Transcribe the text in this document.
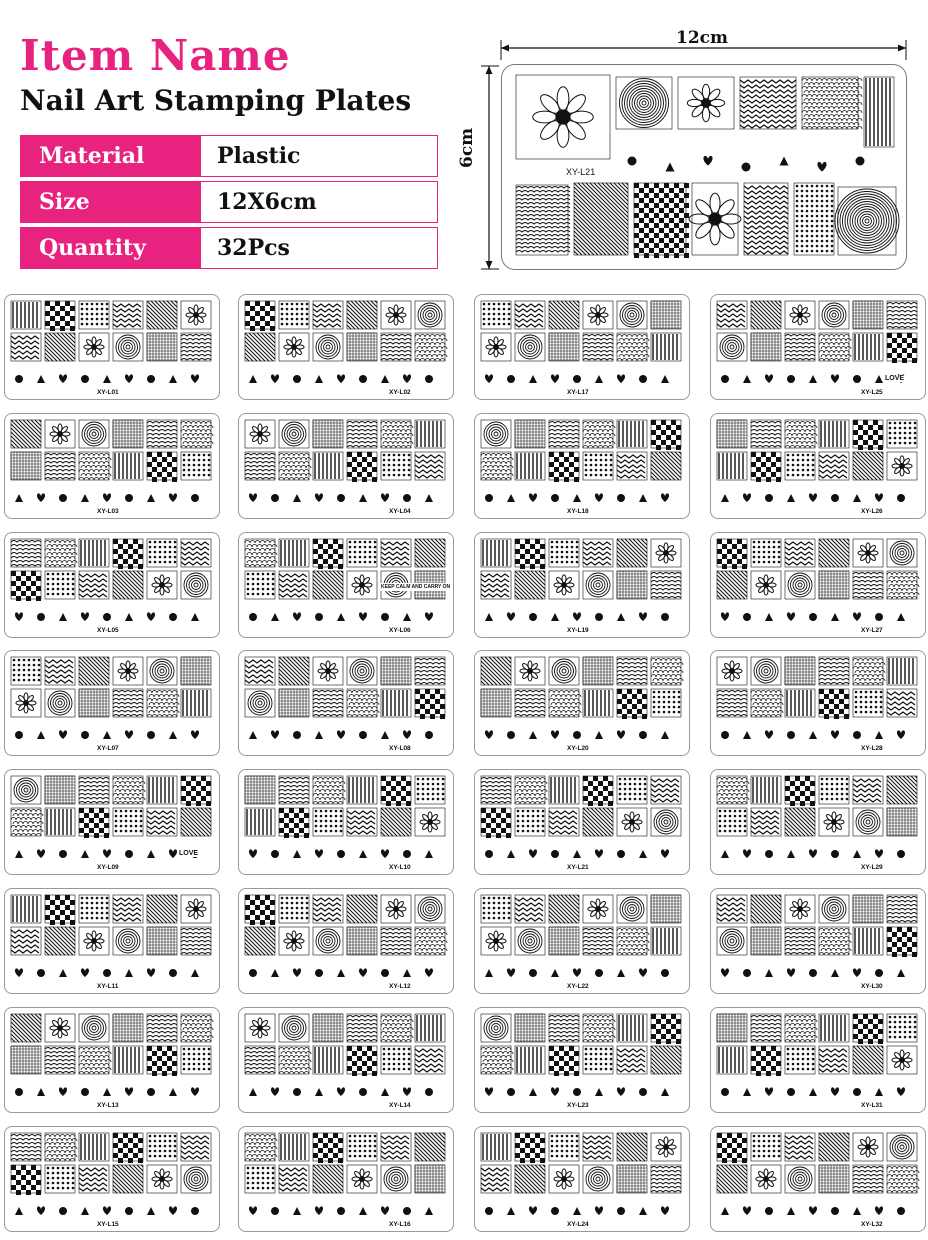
Item Name
Nail Art Stamping Plates
Material	Plastic
Size	12X6cm
Quantity	32Pcs
12cm
6cm
XY-L21
XY-L01	XY-L02	XY-L17	XY-L25
LOVE
XY-L03	XY-L04	XY-L18	XY-L26
XY-L05	XY-L06
KEEP CALM AND CARRY ON
XY-L19	XY-L27
XY-L07	XY-L08	XY-L20	XY-L28
XY-L09
LOVE
XY-L10	XY-L21	XY-L29
XY-L11	XY-L12	XY-L22	XY-L30
XY-L13	XY-L14	XY-L23	XY-L31
XY-L15	XY-L16	XY-L24	XY-L32
